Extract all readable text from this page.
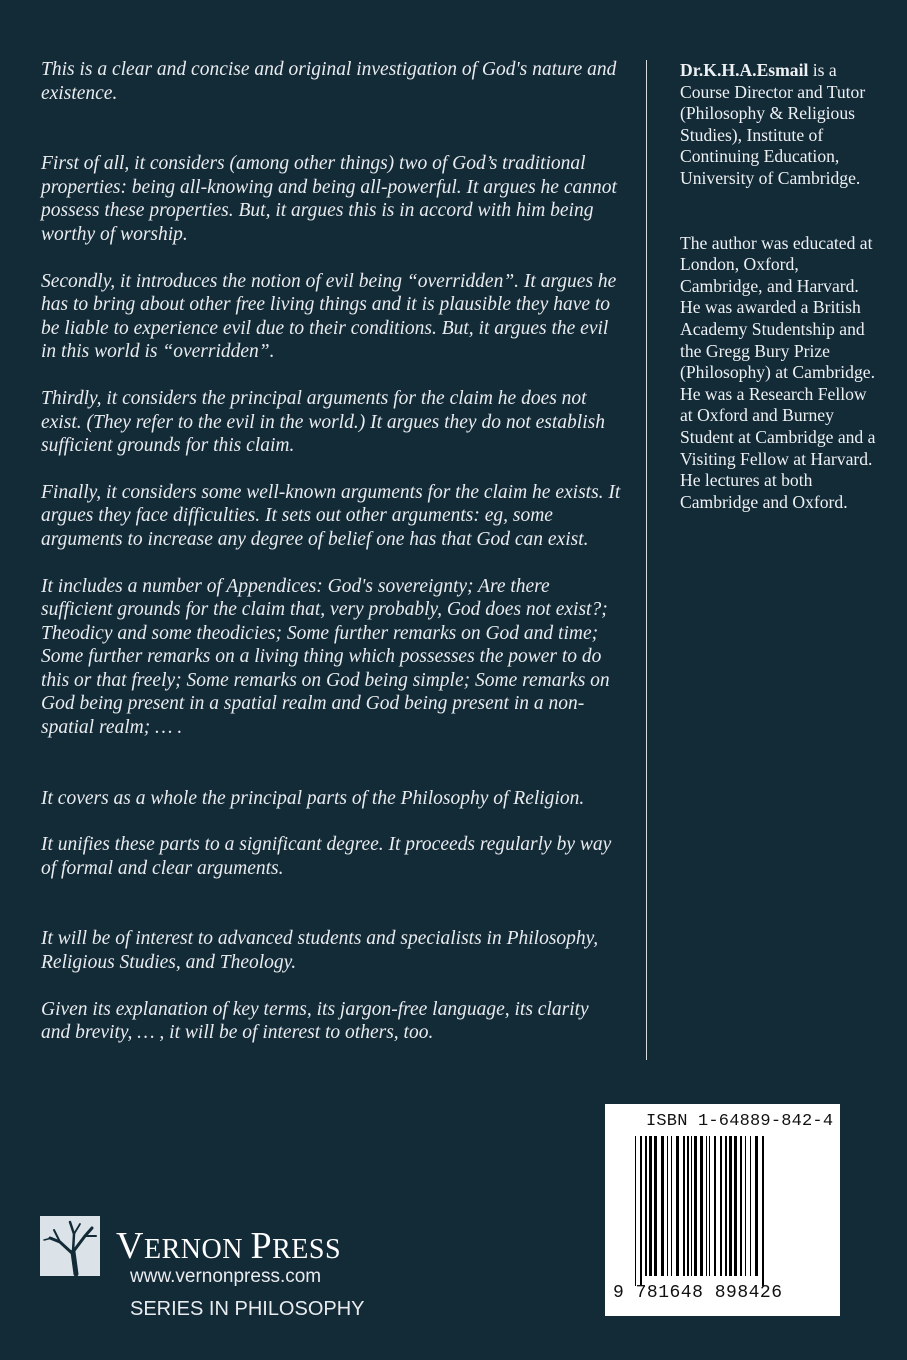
This is a clear and concise and original investigation of God's nature and existence.

First of all, it considers (among other things) two of God’s traditional properties: being all-knowing and being all-powerful. It argues he cannot possess these properties. But, it argues this is in accord with him being worthy of worship.

Secondly, it introduces the notion of evil being “overridden”. It argues he has to bring about other free living things and it is plausible they have to be liable to experience evil due to their conditions. But, it argues the evil in this world is “overridden”.

Thirdly, it considers the principal arguments for the claim he does not exist. (They refer to the evil in the world.) It argues they do not establish sufficient grounds for this claim.

Finally, it considers some well-known arguments for the claim he exists. It argues they face difficulties. It sets out other arguments: eg, some arguments to increase any degree of belief one has that God can exist.

It includes a number of Appendices: God's sovereignty; Are there sufficient grounds for the claim that, very probably, God does not exist?; Theodicy and some theodicies; Some further remarks on God and time; Some further remarks on a living thing which possesses the power to do this or that freely; Some remarks on God being simple; Some remarks on God being present in a spatial realm and God being present in a non-spatial realm; … .

It covers as a whole the principal parts of the Philosophy of Religion.

It unifies these parts to a significant degree. It proceeds regularly by way of formal and clear arguments.

It will be of interest to advanced students and specialists in Philosophy, Religious Studies, and Theology.

Given its explanation of key terms, its jargon-free language, its clarity and brevity, … , it will be of interest to others, too.

Dr.K.H.A.Esmail is a Course Director and Tutor (Philosophy & Religious Studies), Institute of Continuing Education, University of Cambridge.

The author was educated at London, Oxford, Cambridge, and Harvard.

He was awarded a British Academy Studentship and the Gregg Bury Prize (Philosophy) at Cambridge.

He was a Research Fellow at Oxford and Burney Student at Cambridge and a Visiting Fellow at Harvard.

He lectures at both Cambridge and Oxford.

ISBN 1-64889-842-4
9 781648 898426
VERNON PRESS
www.vernonpress.com
SERIES IN PHILOSOPHY
